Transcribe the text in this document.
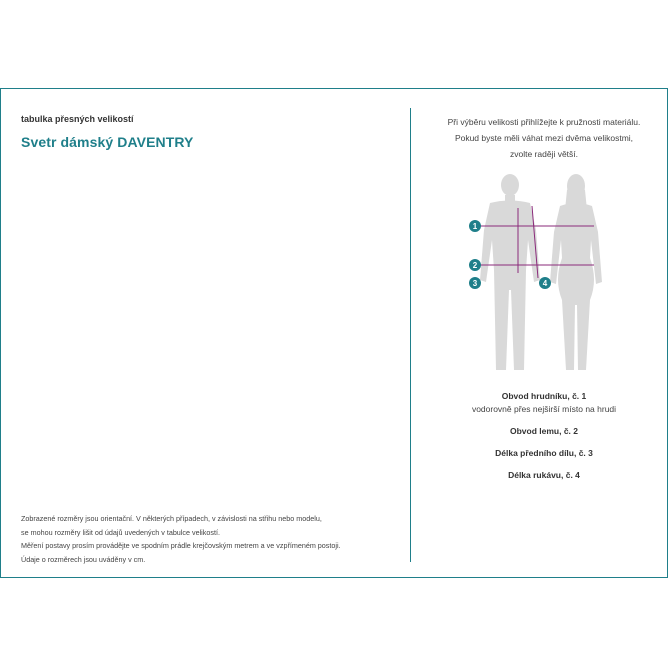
tabulka přesných velikostí
Svetr dámský DAVENTRY
Zobrazené rozměry jsou orientační. V některých případech, v závislosti na střihu nebo modelu,
se mohou rozměry lišit od údajů uvedených v tabulce velikostí.
Měření postavy prosím provádějte ve spodním prádle krejčovským metrem a ve vzpřímeném postoji.
Údaje o rozměrech jsou uváděny v cm.
Při výběru velikosti přihlížejte k pružnosti materiálu.
Pokud byste měli váhat mezi dvěma velikostmi,
zvolte raději větší.
1
2
3	4
Obvod hrudníku, č. 1
vodorovně přes nejširší místo na hrudi
Obvod lemu, č. 2
Délka předního dílu, č. 3
Délka rukávu, č. 4
